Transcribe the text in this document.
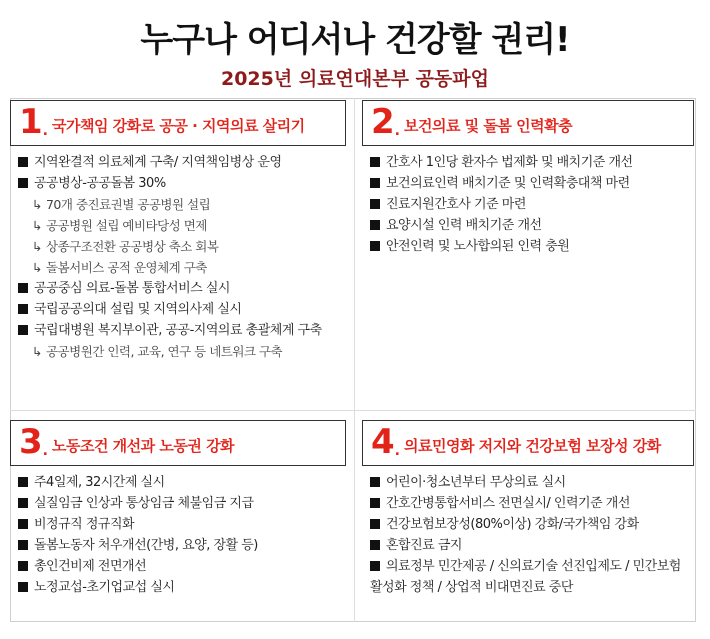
누구나 어디서나 건강할 권리!
2025년 의료연대본부 공동파업
1 . 국가책임 강화로 공공 · 지역의료 살리기
지역완결적 의료체계 구축/ 지역책임병상 운영
공공병상-공공돌봄 30%
↳ 70개 중진료권별 공공병원 설립
↳ 공공병원 설립 예비타당성 면제
↳ 상종구조전환 공공병상 축소 회복
↳ 돌봄서비스 공적 운영체계 구축
공공중심 의료-돌봄 통합서비스 실시
국립공공의대 설립 및 지역의사제 실시
국립대병원 복지부이관, 공공-지역의료 총괄체계 구축
↳ 공공병원간 인력, 교육, 연구 등 네트워크 구축
2 . 보건의료 및 돌봄 인력확충
간호사 1인당 환자수 법제화 및 배치기준 개선
보건의료인력 배치기준 및 인력확충대책 마련
진료지원간호사 기준 마련
요양시설 인력 배치기준 개선
안전인력 및 노사합의된 인력 충원
3 . 노동조건 개선과 노동권 강화
주4일제, 32시간제 실시
실질임금 인상과 통상임금 체불임금 지급
비정규직 정규직화
돌봄노동자 처우개선(간병, 요양, 장활 등)
총인건비제 전면개선
노정교섭-초기업교섭 실시
4 . 의료민영화 저지와 건강보험 보장성 강화
어린이·청소년부터 무상의료 실시
간호간병통합서비스 전면실시/ 인력기준 개선
건강보험보장성(80%이상) 강화/국가책임 강화
혼합진료 금지
의료정부 민간제공 / 신의료기술 선진입제도 / 민간보험 활성화 정책 / 상업적 비대면진료 중단
